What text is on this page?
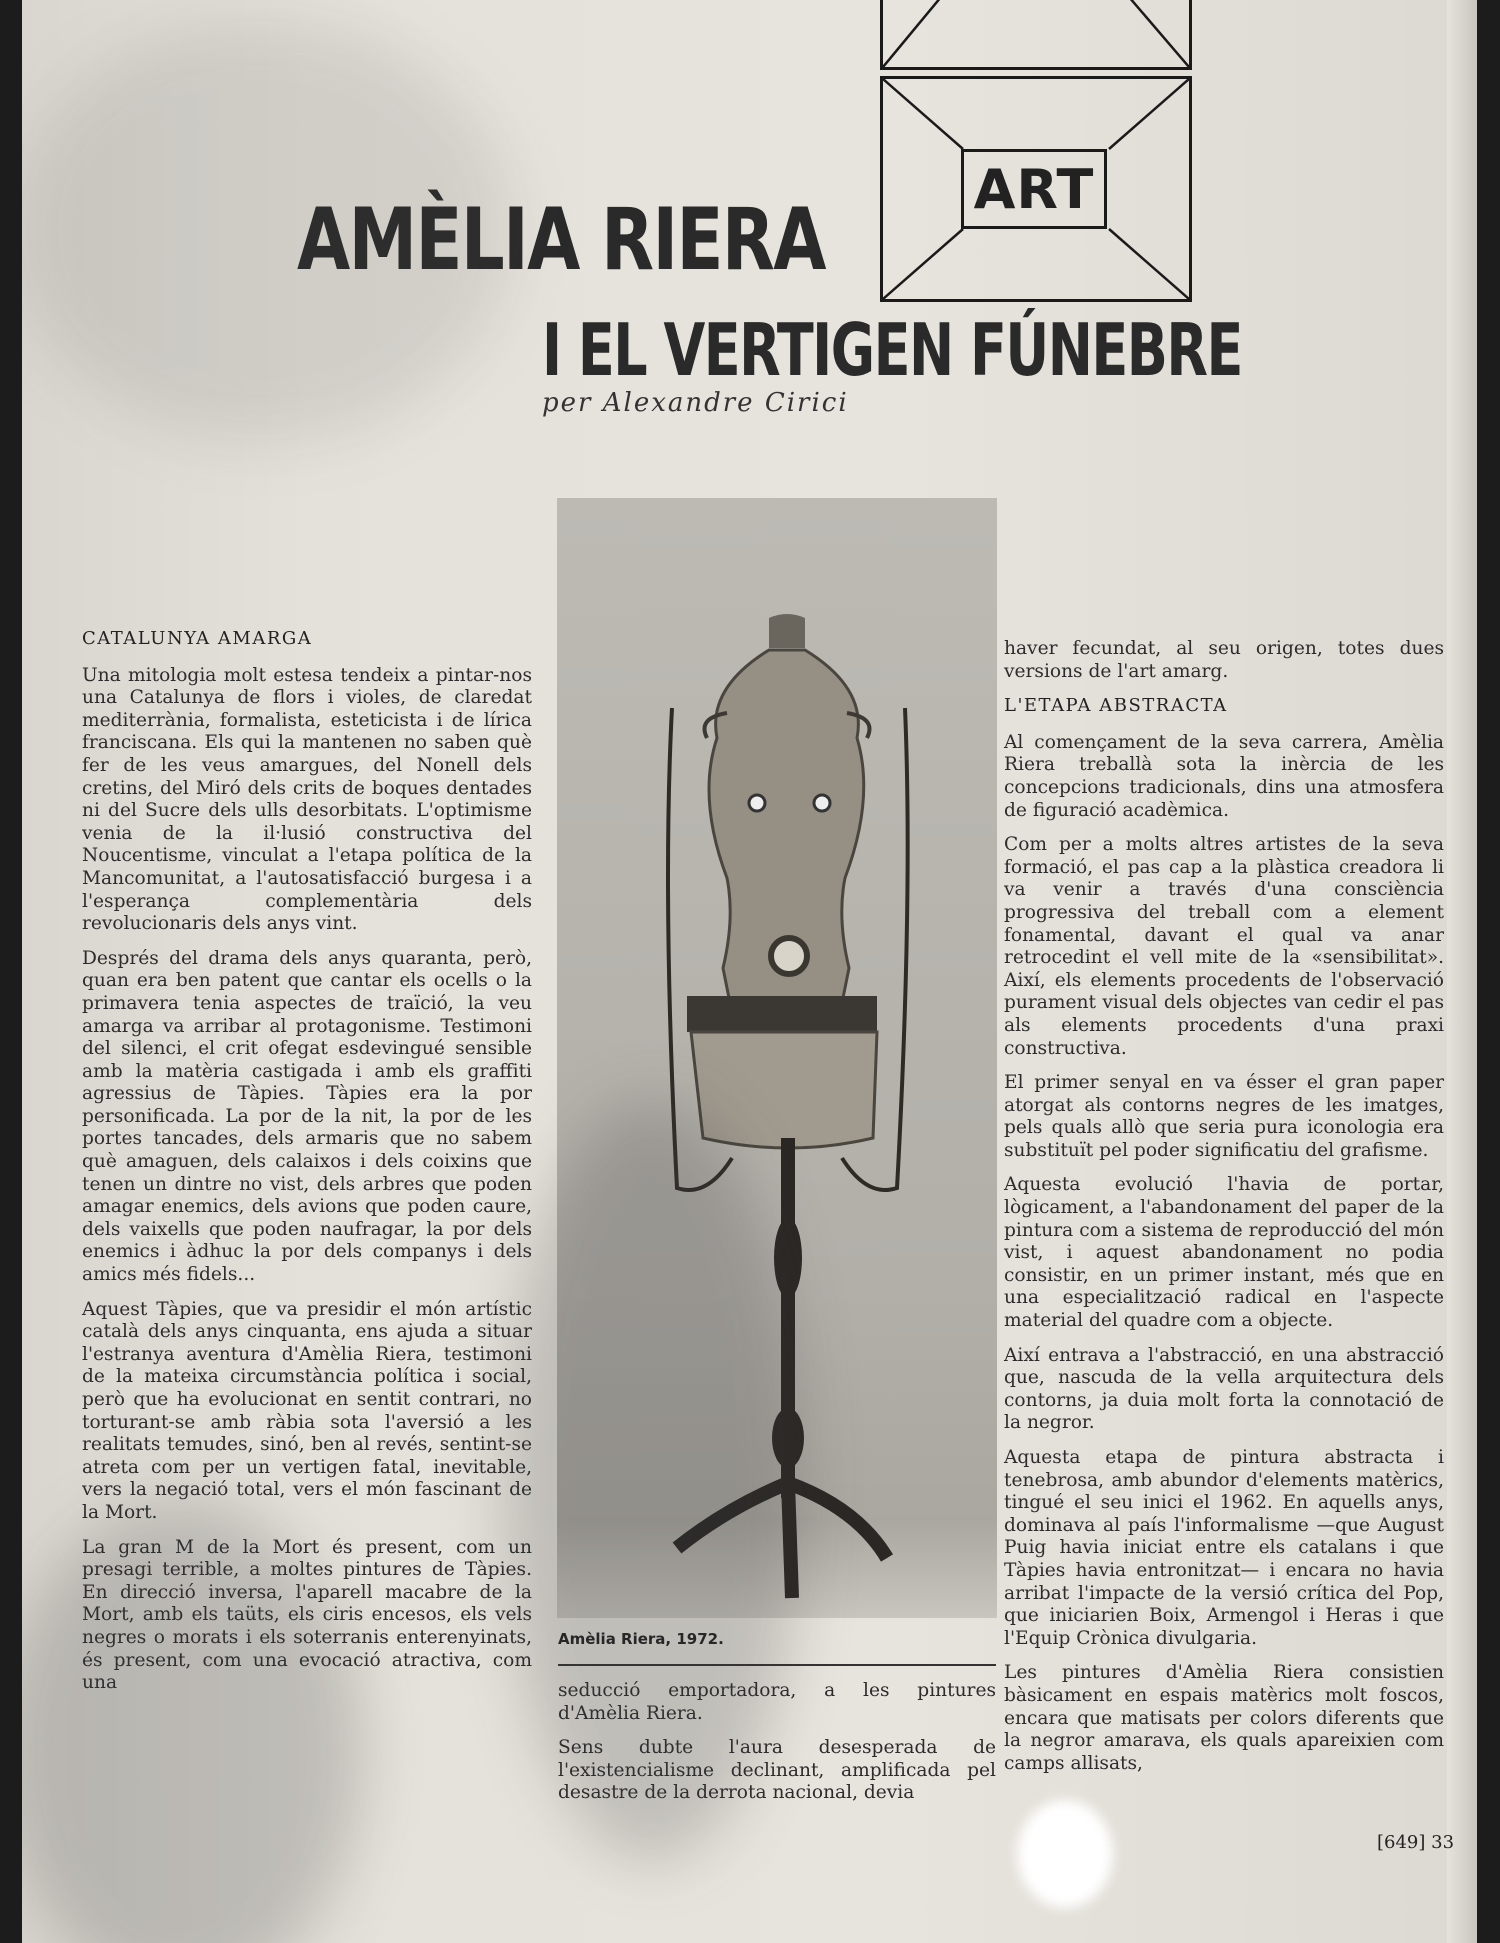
ART
AMÈLIA RIERA
I EL VERTIGEN FÚNEBRE
per Alexandre Cirici
Amèlia Riera, 1972.
CATALUNYA AMARGA

Una mitologia molt estesa tendeix a pintar-nos una Catalunya de flors i violes, de claredat mediterrània, formalista, esteticista i de lírica franciscana. Els qui la mantenen no saben què fer de les veus amargues, del Nonell dels cretins, del Miró dels crits de boques dentades ni del Sucre dels ulls desorbitats. L'optimisme venia de la il·lusió constructiva del Noucentisme, vinculat a l'etapa política de la Mancomunitat, a l'autosatisfacció burgesa i a l'esperança complementària dels revolucionaris dels anys vint.

Després del drama dels anys quaranta, però, quan era ben patent que cantar els ocells o la primavera tenia aspectes de traïció, la veu amarga va arribar al protagonisme. Testimoni del silenci, el crit ofegat esdevingué sensible amb la matèria castigada i amb els graffiti agressius de Tàpies. Tàpies era la por personificada. La por de la nit, la por de les portes tancades, dels armaris que no sabem què amaguen, dels calaixos i dels coixins que tenen un dintre no vist, dels arbres que poden amagar enemics, dels avions que poden caure, dels vaixells que poden naufragar, la por dels enemics i àdhuc la por dels companys i dels amics més fidels...

Aquest Tàpies, que va presidir el món artístic català dels anys cinquanta, ens ajuda a situar l'estranya aventura d'Amèlia Riera, testimoni de la mateixa circumstància política i social, però que ha evolucionat en sentit contrari, no torturant-se amb ràbia sota l'aversió a les realitats temudes, sinó, ben al revés, sentint-se atreta com per un vertigen fatal, inevitable, vers la negació total, vers el món fascinant de la Mort.

La gran M de la Mort és present, com un presagi terrible, a moltes pintures de Tàpies. En direcció inversa, l'aparell macabre de la Mort, amb els taüts, els ciris encesos, els vels negres o morats i els soterranis enterenyinats, és present, com una evocació atractiva, com una	seducció emportadora, a les pintures d'Amèlia Riera.

Sens dubte l'aura desesperada de l'existencialisme declinant, amplificada pel desastre de la derrota nacional, devia

haver fecundat, al seu origen, totes dues versions de l'art amarg.

L'ETAPA ABSTRACTA

Al començament de la seva carrera, Amèlia Riera treballà sota la inèrcia de les concepcions tradicionals, dins una atmosfera de figuració acadèmica.

Com per a molts altres artistes de la seva formació, el pas cap a la plàstica creadora li va venir a través d'una consciència progressiva del treball com a element fonamental, davant el qual va anar retrocedint el vell mite de la «sensibilitat». Així, els elements procedents de l'observació purament visual dels objectes van cedir el pas als elements procedents d'una praxi constructiva.

El primer senyal en va ésser el gran paper atorgat als contorns negres de les imatges, pels quals allò que seria pura iconologia era substituït pel poder significatiu del grafisme.

Aquesta evolució l'havia de portar, lògicament, a l'abandonament del paper de la pintura com a sistema de reproducció del món vist, i aquest abandonament no podia consistir, en un primer instant, més que en una especialització radical en l'aspecte material del quadre com a objecte.

Així entrava a l'abstracció, en una abstracció que, nascuda de la vella arquitectura dels contorns, ja duia molt forta la connotació de la negror.

Aquesta etapa de pintura abstracta i tenebrosa, amb abundor d'elements matèrics, tingué el seu inici el 1962. En aquells anys, dominava al país l'informalisme —que August Puig havia iniciat entre els catalans i que Tàpies havia entronitzat— i encara no havia arribat l'impacte de la versió crítica del Pop, que iniciarien Boix, Armengol i Heras i que l'Equip Crònica divulgaria.

Les pintures d'Amèlia Riera consistien bàsicament en espais matèrics molt foscos, encara que matisats per colors diferents que la negror amarava, els quals apareixien com camps allisats,

[649] 33
